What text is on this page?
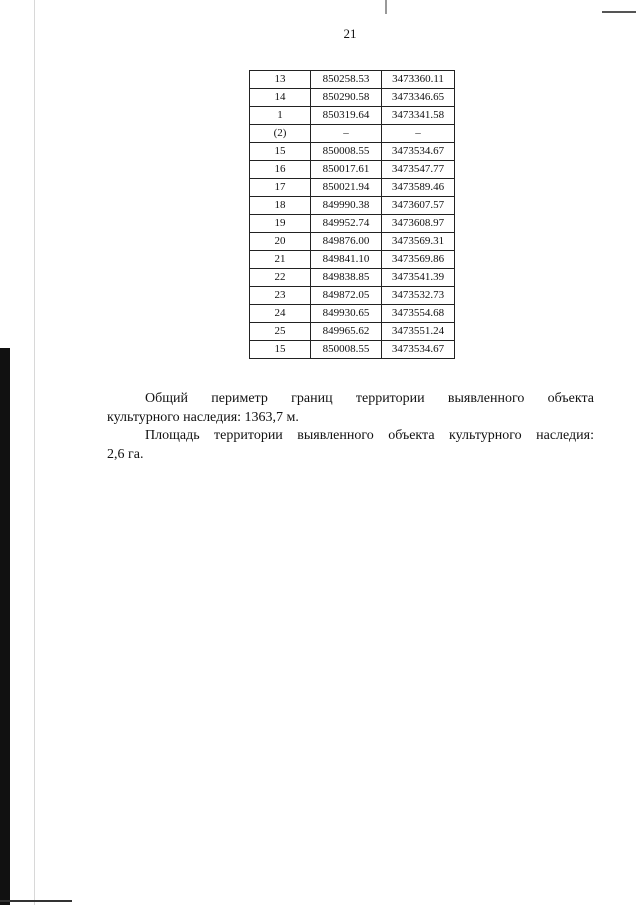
21
13	850258.53	3473360.11
14	850290.58	3473346.65
1	850319.64	3473341.58
(2)	–	–
15	850008.55	3473534.67
16	850017.61	3473547.77
17	850021.94	3473589.46
18	849990.38	3473607.57
19	849952.74	3473608.97
20	849876.00	3473569.31
21	849841.10	3473569.86
22	849838.85	3473541.39
23	849872.05	3473532.73
24	849930.65	3473554.68
25	849965.62	3473551.24
15	850008.55	3473534.67
Общий периметр границ территории выявленного объекта
культурного наследия: 1363,7 м.
Площадь территории выявленного объекта культурного наследия:
2,6 га.
